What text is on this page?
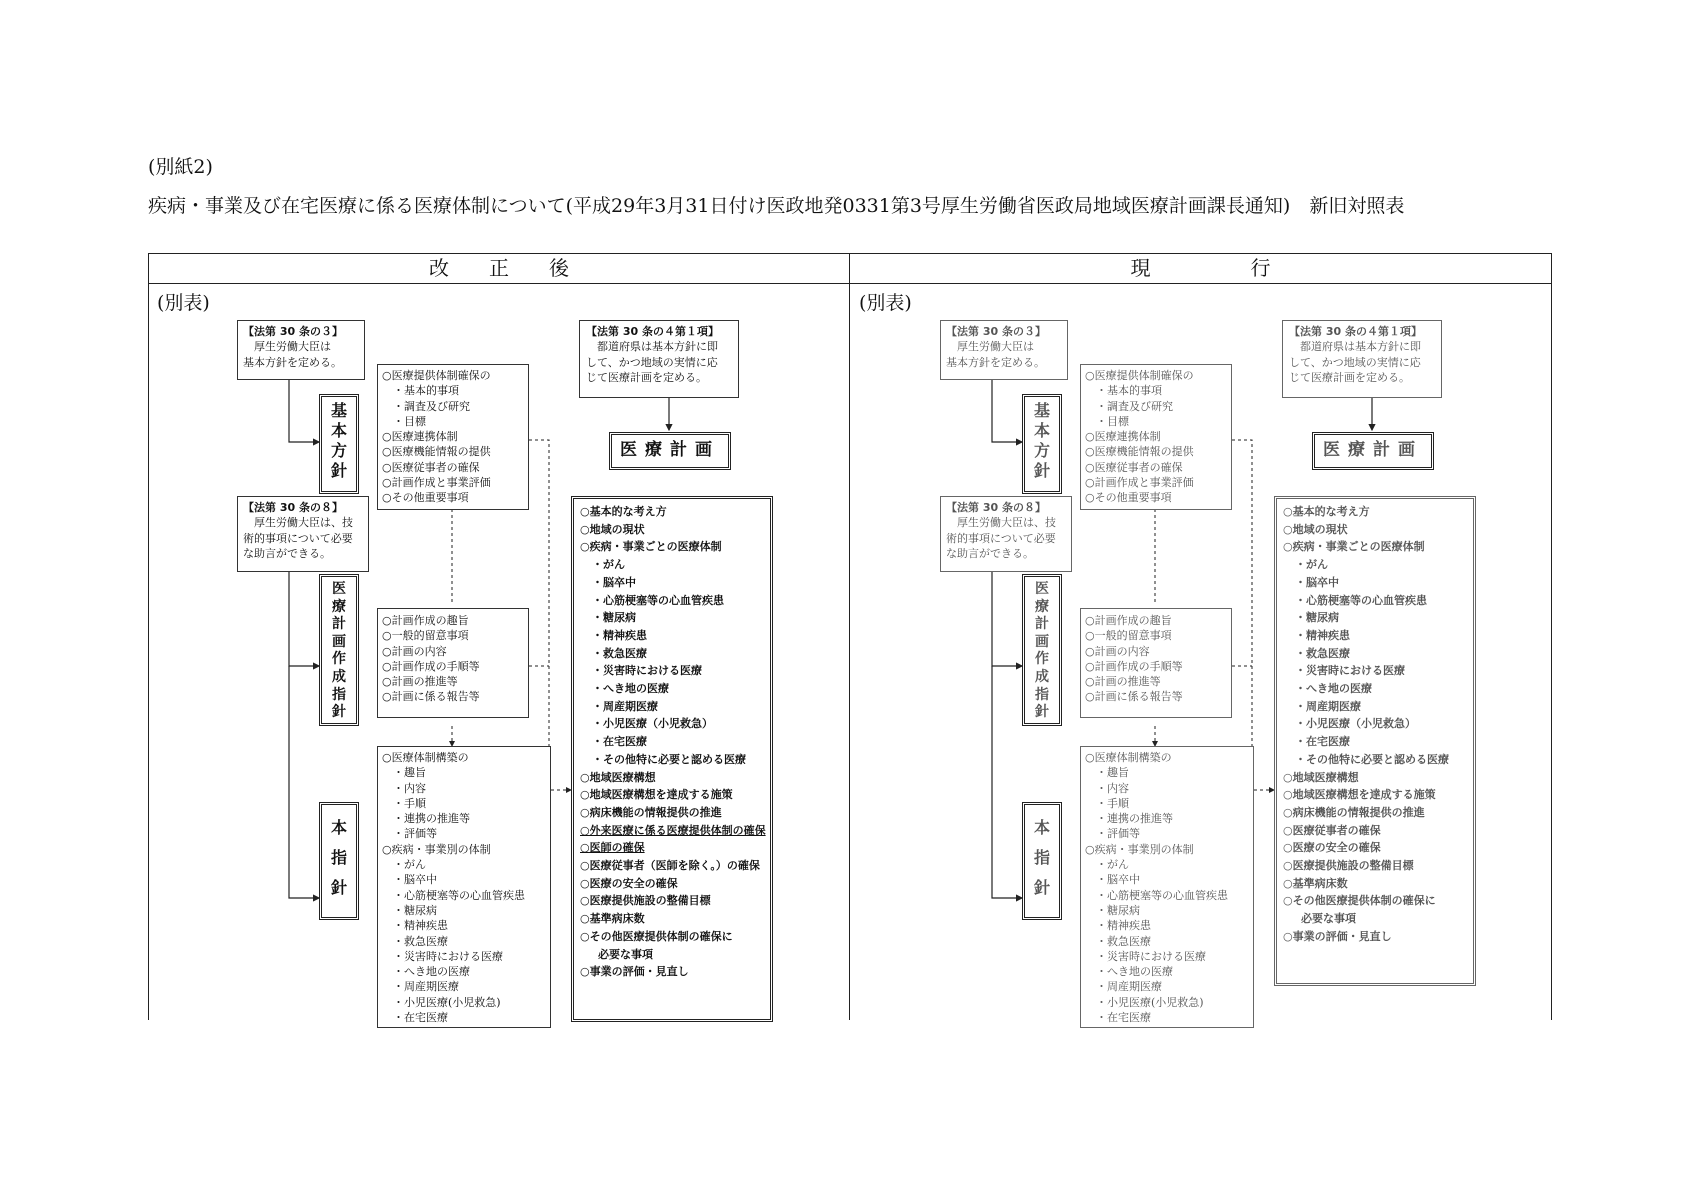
(別紙2)
疾病・事業及び在宅医療に係る医療体制について(平成29年3月31日付け医政地発0331第3号厚生労働省医政局地域医療計画課長通知)　新旧対照表
改　　正　　後	現　　　　　行
(別表)
【法第 30 条の３】
　厚生労働大臣は
基本方針を定める。
【法第 30 条の４第１項】
　都道府県は基本方針に即
して、かつ地域の実情に応
じて医療計画を定める。
基
本
方
針
○医療提供体制確保の
　・基本的事項
　・調査及び研究
　・目標
○医療連携体制
○医療機能情報の提供
○医療従事者の確保
○計画作成と事業評価
○その他重要事項
【法第 30 条の８】
　厚生労働大臣は、技
術的事項について必要
な助言ができる。
医
療
計
画
作
成
指
針
○計画作成の趣旨
○一般的留意事項
○計画の内容
○計画作成の手順等
○計画の推進等
○計画に係る報告等
本
指
針
○医療体制構築の
　・趣旨
　・内容
　・手順
　・連携の推進等
　・評価等
○疾病・事業別の体制
　・がん
　・脳卒中
　・心筋梗塞等の心血管疾患
　・糖尿病
　・精神疾患
　・救急医療
　・災害時における医療
　・へき地の医療
　・周産期医療
　・小児医療(小児救急)
　・在宅医療
医療計画
○基本的な考え方
○地域の現状
○疾病・事業ごとの医療体制
・がん
・脳卒中
・心筋梗塞等の心血管疾患
・糖尿病
・精神疾患
・救急医療
・災害時における医療
・へき地の医療
・周産期医療
・小児医療（小児救急）
・在宅医療
・その他特に必要と認める医療
○地域医療構想
○地域医療構想を達成する施策
○病床機能の情報提供の推進
○外来医療に係る医療提供体制の確保
○医師の確保
○医療従事者（医師を除く。）の確保
○医療の安全の確保
○医療提供施設の整備目標
○基準病床数
○その他医療提供体制の確保に
必要な事項
○事業の評価・見直し
(別表)
【法第 30 条の３】
　厚生労働大臣は
基本方針を定める。
【法第 30 条の４第１項】
　都道府県は基本方針に即
して、かつ地域の実情に応
じて医療計画を定める。
基
本
方
針
○医療提供体制確保の
　・基本的事項
　・調査及び研究
　・目標
○医療連携体制
○医療機能情報の提供
○医療従事者の確保
○計画作成と事業評価
○その他重要事項
【法第 30 条の８】
　厚生労働大臣は、技
術的事項について必要
な助言ができる。
医
療
計
画
作
成
指
針
○計画作成の趣旨
○一般的留意事項
○計画の内容
○計画作成の手順等
○計画の推進等
○計画に係る報告等
本
指
針
○医療体制構築の
　・趣旨
　・内容
　・手順
　・連携の推進等
　・評価等
○疾病・事業別の体制
　・がん
　・脳卒中
　・心筋梗塞等の心血管疾患
　・糖尿病
　・精神疾患
　・救急医療
　・災害時における医療
　・へき地の医療
　・周産期医療
　・小児医療(小児救急)
　・在宅医療
医療計画
○基本的な考え方
○地域の現状
○疾病・事業ごとの医療体制
・がん
・脳卒中
・心筋梗塞等の心血管疾患
・糖尿病
・精神疾患
・救急医療
・災害時における医療
・へき地の医療
・周産期医療
・小児医療（小児救急）
・在宅医療
・その他特に必要と認める医療
○地域医療構想
○地域医療構想を達成する施策
○病床機能の情報提供の推進
○医療従事者の確保
○医療の安全の確保
○医療提供施設の整備目標
○基準病床数
○その他医療提供体制の確保に
必要な事項
○事業の評価・見直し
